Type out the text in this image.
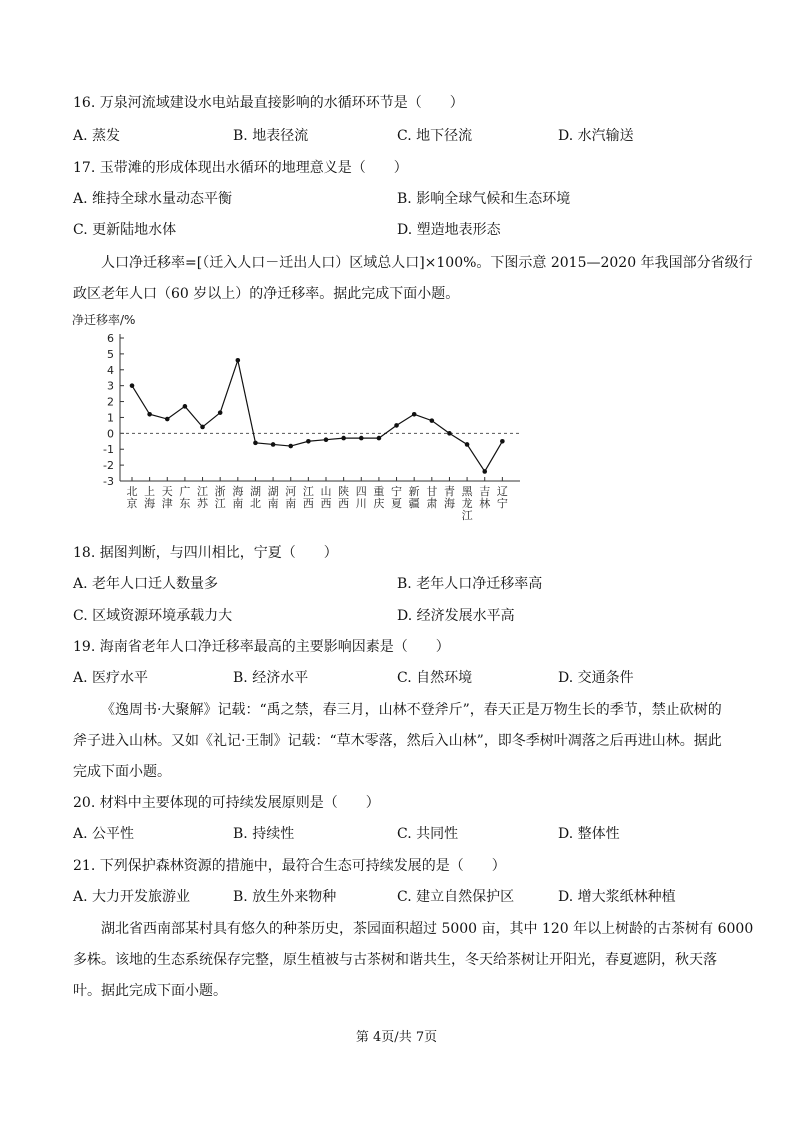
16. 万泉河流域建设水电站最直接影响的水循环环节是（　　）
A. 蒸发	B. 地表径流	C. 地下径流	D. 水汽输送
17. 玉带滩的形成体现出水循环的地理意义是（　　）
A. 维持全球水量动态平衡	B. 影响全球气候和生态环境
C. 更新陆地水体	D. 塑造地表形态
人口净迁移率=[（迁入人口－迁出人口）区域总人口]×100%。下图示意 2015—2020 年我国部分省级行
政区老年人口（60 岁以上）的净迁移率。据此完成下面小题。
净迁移率/%
6
5
4
3
2
1
0
-1
-2
-3
北
京
上
海
天
津
广
东
江
苏
浙
江
海
南
湖
北
湖
南
河
南
江
西
山
西
陕
西
四
川
重
庆
宁
夏
新
疆
甘
肃
青
海
黑
龙
江
吉
林
辽
宁
18. 据图判断，与四川相比，宁夏（　　）
A. 老年人口迁人数量多	B. 老年人口净迁移率高
C. 区域资源环境承载力大	D. 经济发展水平高
19. 海南省老年人口净迁移率最高的主要影响因素是（　　）
A. 医疗水平	B. 经济水平	C. 自然环境	D. 交通条件
《逸周书·大聚解》记载：“禹之禁，春三月，山林不登斧斤”，春天正是万物生长的季节，禁止砍树的
斧子进入山林。又如《礼记·王制》记载：“草木零落，然后入山林”，即冬季树叶凋落之后再进山林。据此
完成下面小题。
20. 材料中主要体现的可持续发展原则是（　　）
A. 公平性	B. 持续性	C. 共同性	D. 整体性
21. 下列保护森林资源的措施中，最符合生态可持续发展的是（　　）
A. 大力开发旅游业	B. 放生外来物种	C. 建立自然保护区	D. 增大浆纸林种植
湖北省西南部某村具有悠久的种茶历史，茶园面积超过 5000 亩，其中 120 年以上树龄的古茶树有 6000
多株。该地的生态系统保存完整，原生植被与古茶树和谐共生，冬天给茶树让开阳光，春夏遮阴，秋天落
叶。据此完成下面小题。
第 4页/共 7页
